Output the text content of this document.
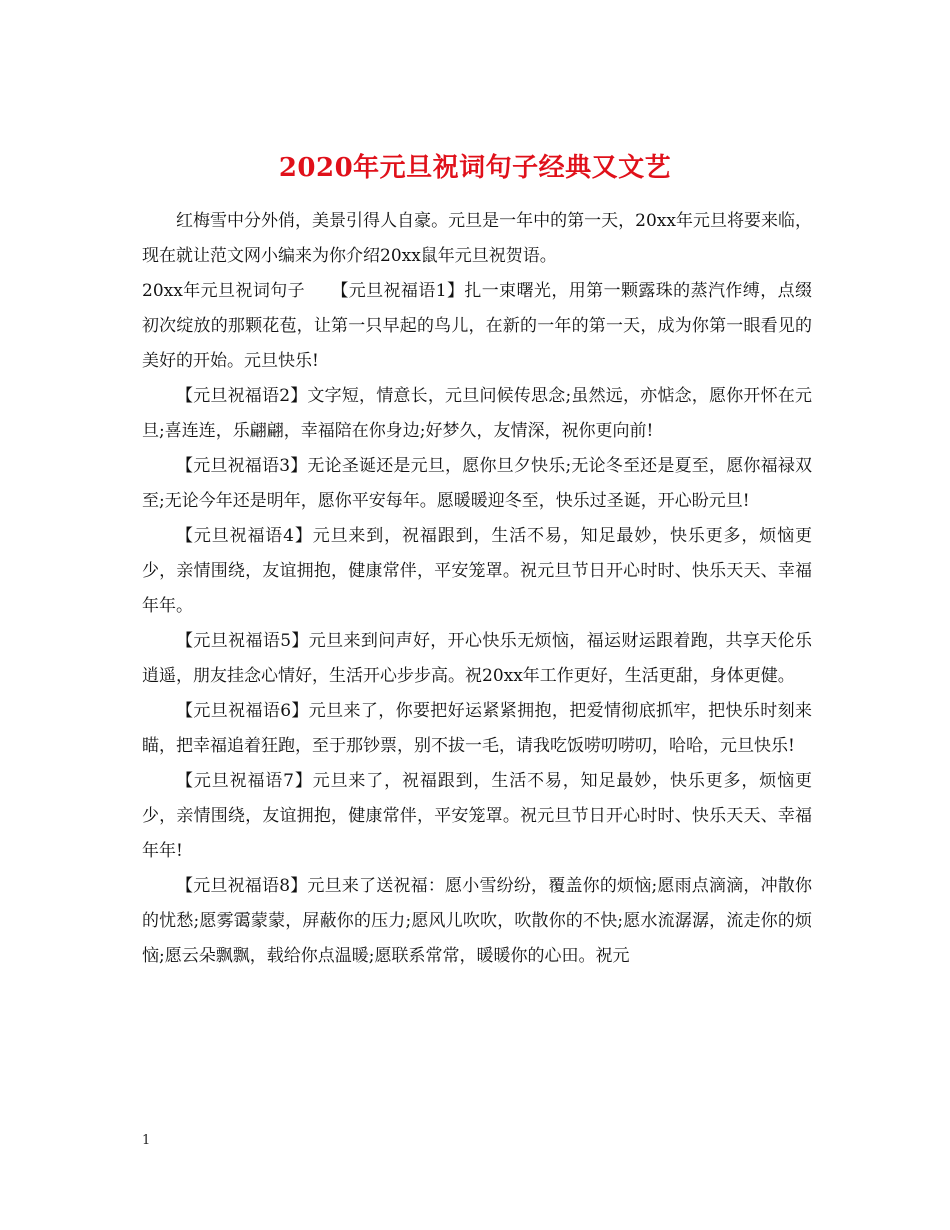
2020年元旦祝词句子经典又文艺

红梅雪中分外俏，美景引得人自豪。元旦是一年中的第一天，20xx年元旦将要来临，现在就让范文网小编来为你介绍20xx鼠年元旦祝贺语。

20xx年元旦祝词句子　　【元旦祝福语1】扎一束曙光，用第一颗露珠的蒸汽作缚，点缀初次绽放的那颗花苞，让第一只早起的鸟儿，在新的一年的第一天，成为你第一眼看见的美好的开始。元旦快乐!

【元旦祝福语2】文字短，情意长，元旦问候传思念;虽然远，亦惦念，愿你开怀在元旦;喜连连，乐翩翩，幸福陪在你身边;好梦久，友情深，祝你更向前!

【元旦祝福语3】无论圣诞还是元旦，愿你旦夕快乐;无论冬至还是夏至，愿你福禄双至;无论今年还是明年，愿你平安每年。愿暖暖迎冬至，快乐过圣诞，开心盼元旦!

【元旦祝福语4】元旦来到，祝福跟到，生活不易，知足最妙，快乐更多，烦恼更少，亲情围绕，友谊拥抱，健康常伴，平安笼罩。祝元旦节日开心时时、快乐天天、幸福年年。

【元旦祝福语5】元旦来到问声好，开心快乐无烦恼，福运财运跟着跑，共享天伦乐逍遥，朋友挂念心情好，生活开心步步高。祝20xx年工作更好，生活更甜，身体更健。

【元旦祝福语6】元旦来了，你要把好运紧紧拥抱，把爱情彻底抓牢，把快乐时刻来瞄，把幸福追着狂跑，至于那钞票，别不拔一毛，请我吃饭唠叨唠叨，哈哈，元旦快乐!

【元旦祝福语7】元旦来了，祝福跟到，生活不易，知足最妙，快乐更多，烦恼更少，亲情围绕，友谊拥抱，健康常伴，平安笼罩。祝元旦节日开心时时、快乐天天、幸福年年!

【元旦祝福语8】元旦来了送祝福：愿小雪纷纷，覆盖你的烦恼;愿雨点滴滴，冲散你的忧愁;愿雾霭蒙蒙，屏蔽你的压力;愿风儿吹吹，吹散你的不快;愿水流潺潺，流走你的烦恼;愿云朵飘飘，载给你点温暖;愿联系常常，暖暖你的心田。祝元

1
